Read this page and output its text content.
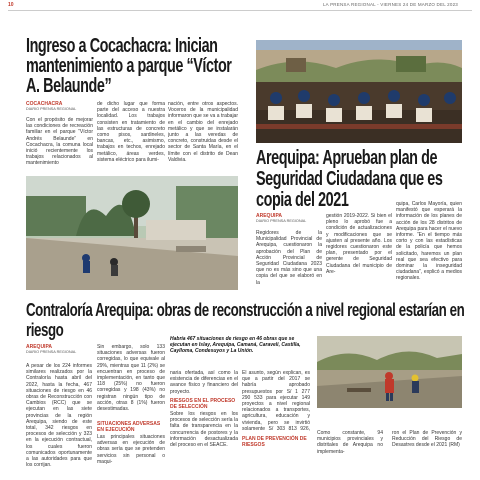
10	LA PRENSA REGIONAL - VIERNES 24 DE MARZO DEL 2023
Ingreso a Cocachacra: Inician mantenimiento a parque “Víctor A. Belaunde”
COCACHACRA
DIARIO PRENSA REGIONAL
Con el propósito de mejorar las condiciones de recreación familiar en el parque “Víctor Andrés Belaunde” en Cocachacra, la comuna local inició recientemente los trabajos relacionados al mantenimiento
de dicho lugar que forma parte del acceso a nuestra localidad. Los trabajos consisten en tratamiento de las estructuras de concreto como pisos, sardineles, bancas, etc., asimismo, trabajos en techos, enrejado metálico, áreas verdes, sistema eléctrico para ilumi-
nación, entre otros aspectos. Voceros de la municipalidad informaron que se va a trabajar en el cambio del enrejado metálico y que se instalarán junto a las veredas de concreto, construidas desde el sector de Santa María, en el límite con el distrito de Dean Valdivia.	Arequipa: Aprueban plan de Seguridad Ciudadana que es copia del 2021
AREQUIPA
DIARIO PRENSA REGIONAL
Regidores de la Municipalidad Provincial de Arequipa, cuestionaron la aprobación del Plan de Acción Provincial de Seguridad Ciudadana 2023 que no es más sino que una copia del que se elaboró en la
gestión 2019-2022. Si bien el pleno lo aprobó fue a condición de actualizaciones y modificaciones que se ajusten al presente año. Los regidores cuestionaron este plan, presentado por el gerente de Seguridad Ciudadana del municipio de Are-
quipa, Carlos Mayoría, quien manifestó que esperará la información de los planes de acción de los 28 distritos de Arequipa para hacer el nuevo informe. “En el tiempo más corto y con las estadísticas de la policía que hemos solicitado, haremos un plan real que sea efectivo para dominar la inseguridad ciudadana”, explicó a medios regionales.
Contraloría Arequipa: obras de reconstrucción a nivel regional estarían en riesgo
AREQUIPA
DIARIO PRENSA REGIONAL
A pesar de los 224 informes similares realizados por la Contraloría hasta abril del 2022, hasta la fecha, 467 situaciones de riesgo en 46 obras de Reconstrucción con Cambios (RCC) que se ejecutan en las siete provincias de la región Arequipa, siendo de este total, 342 riesgos en procesos de selección y 323 en la ejecución contractual, los cuales fueron comunicados oportunamente a las autoridades para que los corrijan.
Sin embargo, solo 133 situaciones adversas fueron corregidas, lo que equivale al 29%, mientras que 11 (2%) se encuentran en proceso de implementación, en tanto que 118 (25%) no fueron corregidas y 198 (43%) no registran ningún tipo de acción, otras 8 (1%) fueron desestimadas.
SITUACIONES ADVERSAS EN EJECUCIÓN
Las principales situaciones adversas en ejecución de obras sería que se pretenden servicios sin personal o maqui-
Habría 467 situaciones de riesgo en 46 obras que se ejecutan en Islay, Arequipa, Camaná, Caravelí, Castilla, Caylloma, Condesuyos y La Unión.
naria ofertada, así como la existencia de diferencias en el avance físico y financiero del proyecto.
RIESGOS EN EL PROCESO DE SELECCIÓN
Sobre los riesgos en los procesos de selección sería la falta de transparencia en la concurrencia de postores y la información desactualizada del proceso en el SEACE.
El asunto, según explican, es que a partir del 2017 se habría aprobado presupuestos por S/ 1 277 290 533 para ejecutar 149 proyectos a nivel regional relacionados a transportes, agricultura, educación y vivienda, pero se invirtió solamente S/ 303 813 926,
PLAN DE PREVENCIÓN DE RIESGOS
Como constante, 94 municipios provinciales y distritales de Arequipa no implementa-
ron el Plan de Prevención y Reducción del Riesgo de Desastres desde el 2021 (RM)
